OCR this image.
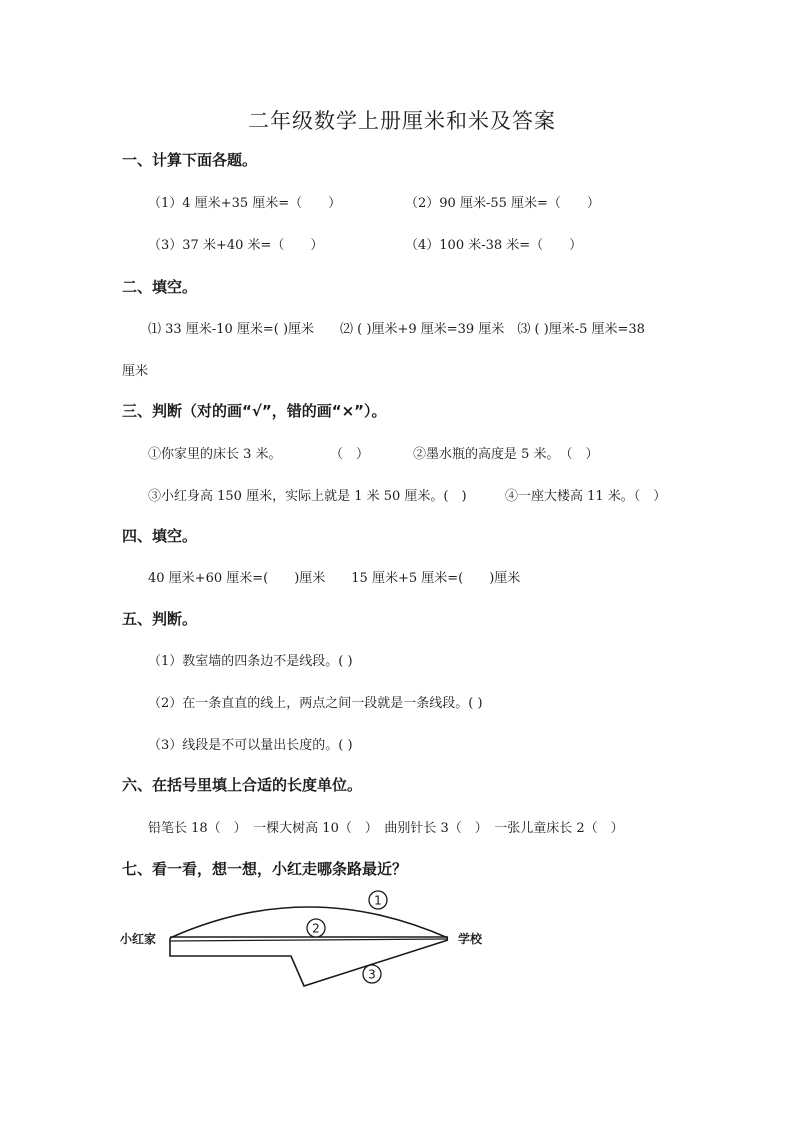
二年级数学上册厘米和米及答案
一、计算下面各题。
（1）4 厘米+35 厘米=（　　）	（2）90 厘米-55 厘米=（　　）
（3）37 米+40 米=（　　）	（4）100 米-38 米=（　　）
二、填空。
⑴ 33 厘米-10 厘米=( )厘米　　⑵ ( )厘米+9 厘米=39 厘米　⑶ ( )厘米-5 厘米=38
厘米
三、判断（对的画“√”，错的画“×”）。
①你家里的床长 3 米。	（　）	②墨水瓶的高度是 5 米。　（　）
③小红身高 150 厘米，实际上就是 1 米 50 厘米。(　)	④一座大楼高 11 米。（　）
四、填空。
40 厘米+60 厘米=(　　)厘米　　15 厘米+5 厘米=(　　)厘米
五、判断。
（1）教室墙的四条边不是线段。( )
（2）在一条直直的线上，两点之间一段就是一条线段。( )
（3）线段是不可以量出长度的。( )
六、在括号里填上合适的长度单位。
铅笔长 18（　）　一棵大树高 10（　）　曲别针长 3（　）　一张儿童床长 2（　）
七、看一看，想一想，小红走哪条路最近？
1
2
3
小红家	学校
